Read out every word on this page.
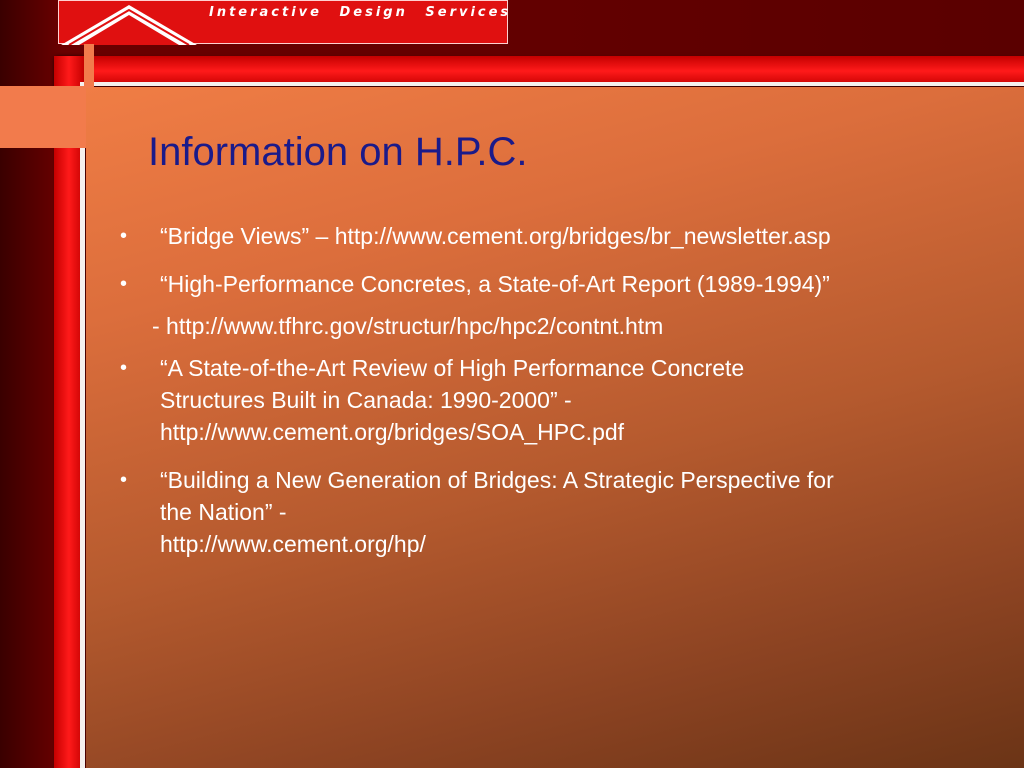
Interactive Design Services
Information on H.P.C.
• “Bridge Views” – http://www.cement.org/bridges/br_newsletter.asp
• “High-Performance Concretes, a State-of-Art Report (1989-1994)”
- http://www.tfhrc.gov/structur/hpc/hpc2/contnt.htm
• “A State-of-the-Art Review of High Performance Concrete
Structures Built in Canada: 1990-2000” -
http://www.cement.org/bridges/SOA_HPC.pdf
• “Building a New Generation of Bridges: A Strategic Perspective for
the Nation” -
http://www.cement.org/hp/
